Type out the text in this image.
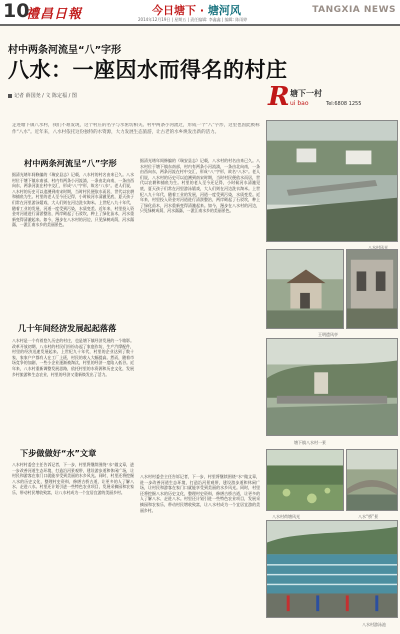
10
禮昌日報	今日塘下 · 塘河风	TANGXIA NEWS
2014年12月19日 | 星期五 | 责任编辑: 李鑫鑫 | 编辑: 陈雨婷
村中两条河流呈“八”字形
八水：一座因水而得名的村庄
记者 薛国尧 / 文 陈定福 / 图	R 塘下一村
ui bao	Tel:6808 1255
走进塘下镇八水村，我们不难发现，这个村庄的名字与水密切相关。村中两条小河流过，形成一个“八”字形，这里也因此被称作“八水”。近年来，八水村依托这份独特的水资源，大力发展生态旅游，让古老的水乡焕发出新的活力。
村中两条河流呈“八”字形
据清光绪年间修编的《瑞安县志》记载，八水村的村名由来已久。八水村位于塘下镇东南部，村内有两条小河流淌，一条由北向南，一条由西向东，两条河流在村中交汇，形成“八”字形，故名“八水”。老人们说，八水村的历史可以追溯到南宋时期，当时村民便依水而居，世代以农耕和捕鱼为生。村里的老人至今还记得，小时候河水清澈见底，夏天孩子们常在河里游泳嬉戏，大人们则在河边洗衣淘米。上世纪八九十年代，随着工业的发展，河道一度受到污染，水质变差。近年来，村里投入资金对河道进行清淤整治，两岸砌起了石驳坎，种上了绿化苗木，河水重新变得清澈起来。如今，漫步在八水村的河边，只见绿树成荫，河水潺潺，一派江南水乡的美丽景色。
几十年间经济发展起起落落
八水村是一个有着悠久历史的村庄，也是塘下镇经济发展的一个缩影。改革开放初期，八水村的村民们纷纷办起了家庭作坊，生产汽摩配件，村里的经济迅速发展起来。上世纪九十年代，村里的企业达到了数十家，家家户户都有人在工厂上班，村民的收入大幅提高。然而，随着市场竞争的加剧，一些小企业逐渐被淘汰，村里的经济一度陷入低谷。近年来，八水村重新调整发展思路，依托村里的水资源和历史文化，发展乡村旅游和生态农业，村里的经济又重新焕发出了活力。
下步做做好“水”文章
八水村村委会主任告诉记者，下一步，村里将继续围绕“水”做文章，进一步改善河道生态环境，打造沿河景观带，建设游步道和休闲广场，让村民和游客在家门口就能享受到美丽的水乡风光。同时，村里还将挖掘八水的历史文化，整理村史资料，修缮古桥古道，让更多的人了解八水、走进八水。村里还计划引进一些特色农业项目，发展采摘园和农家乐，带动村民增收致富，让八水村成为一个宜居宜游的美丽乡村。
据清光绪年间修编的《瑞安县志》记载，八水村的村名由来已久。八水村位于塘下镇东南部，村内有两条小河流淌，一条由北向南，一条由西向东，两条河流在村中交汇，形成“八”字形，故名“八水”。老人们说，八水村的历史可以追溯到南宋时期，当时村民便依水而居，世代以农耕和捕鱼为生。村里的老人至今还记得，小时候河水清澈见底，夏天孩子们常在河里游泳嬉戏，大人们则在河边洗衣淘米。上世纪八九十年代，随着工业的发展，河道一度受到污染，水质变差。近年来，村里投入资金对河道进行清淤整治，两岸砌起了石驳坎，种上了绿化苗木，河水重新变得清澈起来。如今，漫步在八水村的河边，只见绿树成荫，河水潺潺，一派江南水乡的美丽景色。
八水村村委会主任告诉记者，下一步，村里将继续围绕“水”做文章，进一步改善河道生态环境，打造沿河景观带，建设游步道和休闲广场，让村民和游客在家门口就能享受到美丽的水乡风光。同时，村里还将挖掘八水的历史文化，整理村史资料，修缮古桥古道，让更多的人了解八水、走进八水。村里还计划引进一些特色农业项目，发展采摘园和农家乐，带动村民增收致富，让八水村成为一个宜居宜游的美丽乡村。
八水村风光
王明遗风亭
塘下镇八水村一景
八水村荷塘风光	八水“桥”景
八水村游泳池
